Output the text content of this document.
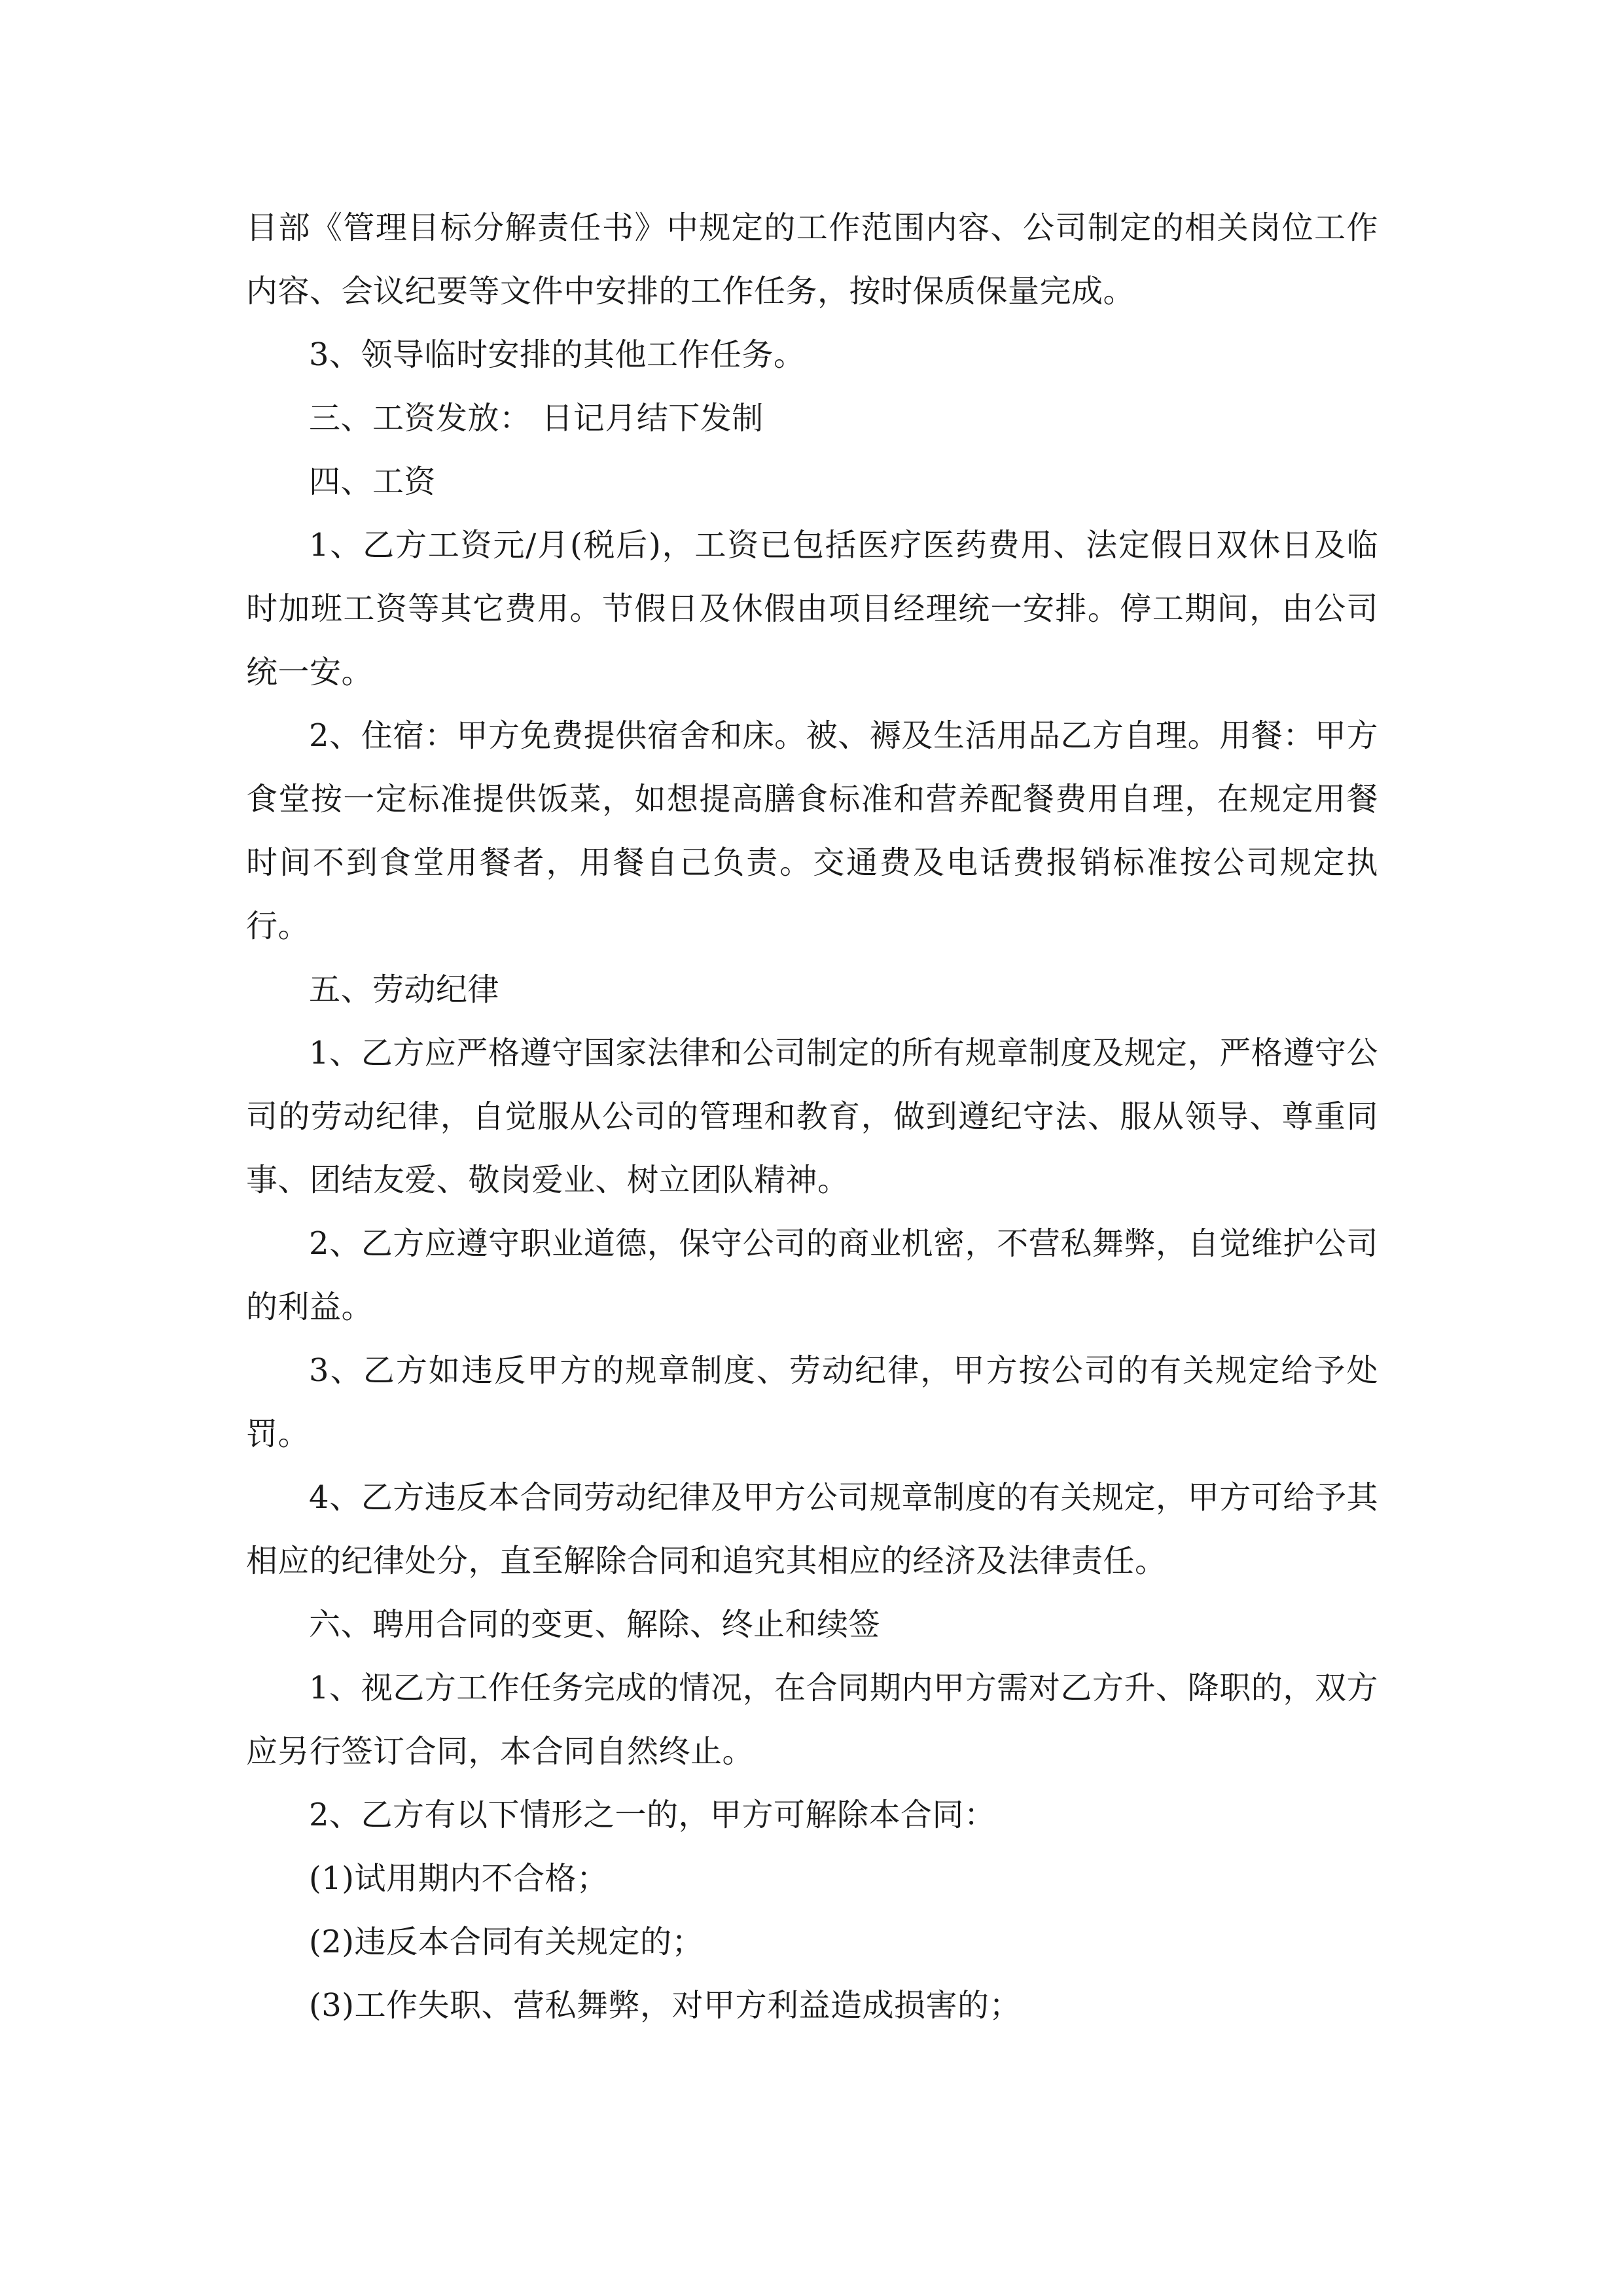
目部《管理目标分解责任书》中规定的工作范围内容、公司制定的相关岗位工作内容、会议纪要等文件中安排的工作任务，按时保质保量完成。

3、领导临时安排的其他工作任务。

三、工资发放： 日记月结下发制

四、工资

1、乙方工资元/月(税后)，工资已包括医疗医药费用、法定假日双休日及临时加班工资等其它费用。节假日及休假由项目经理统一安排。停工期间，由公司统一安。

2、住宿：甲方免费提供宿舍和床。被、褥及生活用品乙方自理。用餐：甲方食堂按一定标准提供饭菜，如想提高膳食标准和营养配餐费用自理，在规定用餐时间不到食堂用餐者，用餐自己负责。交通费及电话费报销标准按公司规定执行。

五、劳动纪律

1、乙方应严格遵守国家法律和公司制定的所有规章制度及规定，严格遵守公司的劳动纪律，自觉服从公司的管理和教育，做到遵纪守法、服从领导、尊重同事、团结友爱、敬岗爱业、树立团队精神。

2、乙方应遵守职业道德，保守公司的商业机密，不营私舞弊，自觉维护公司的利益。

3、乙方如违反甲方的规章制度、劳动纪律，甲方按公司的有关规定给予处罚。

4、乙方违反本合同劳动纪律及甲方公司规章制度的有关规定，甲方可给予其相应的纪律处分，直至解除合同和追究其相应的经济及法律责任。

六、聘用合同的变更、解除、终止和续签

1、视乙方工作任务完成的情况，在合同期内甲方需对乙方升、降职的，双方应另行签订合同，本合同自然终止。

2、乙方有以下情形之一的，甲方可解除本合同：

(1)试用期内不合格；

(2)违反本合同有关规定的；

(3)工作失职、营私舞弊，对甲方利益造成损害的；
